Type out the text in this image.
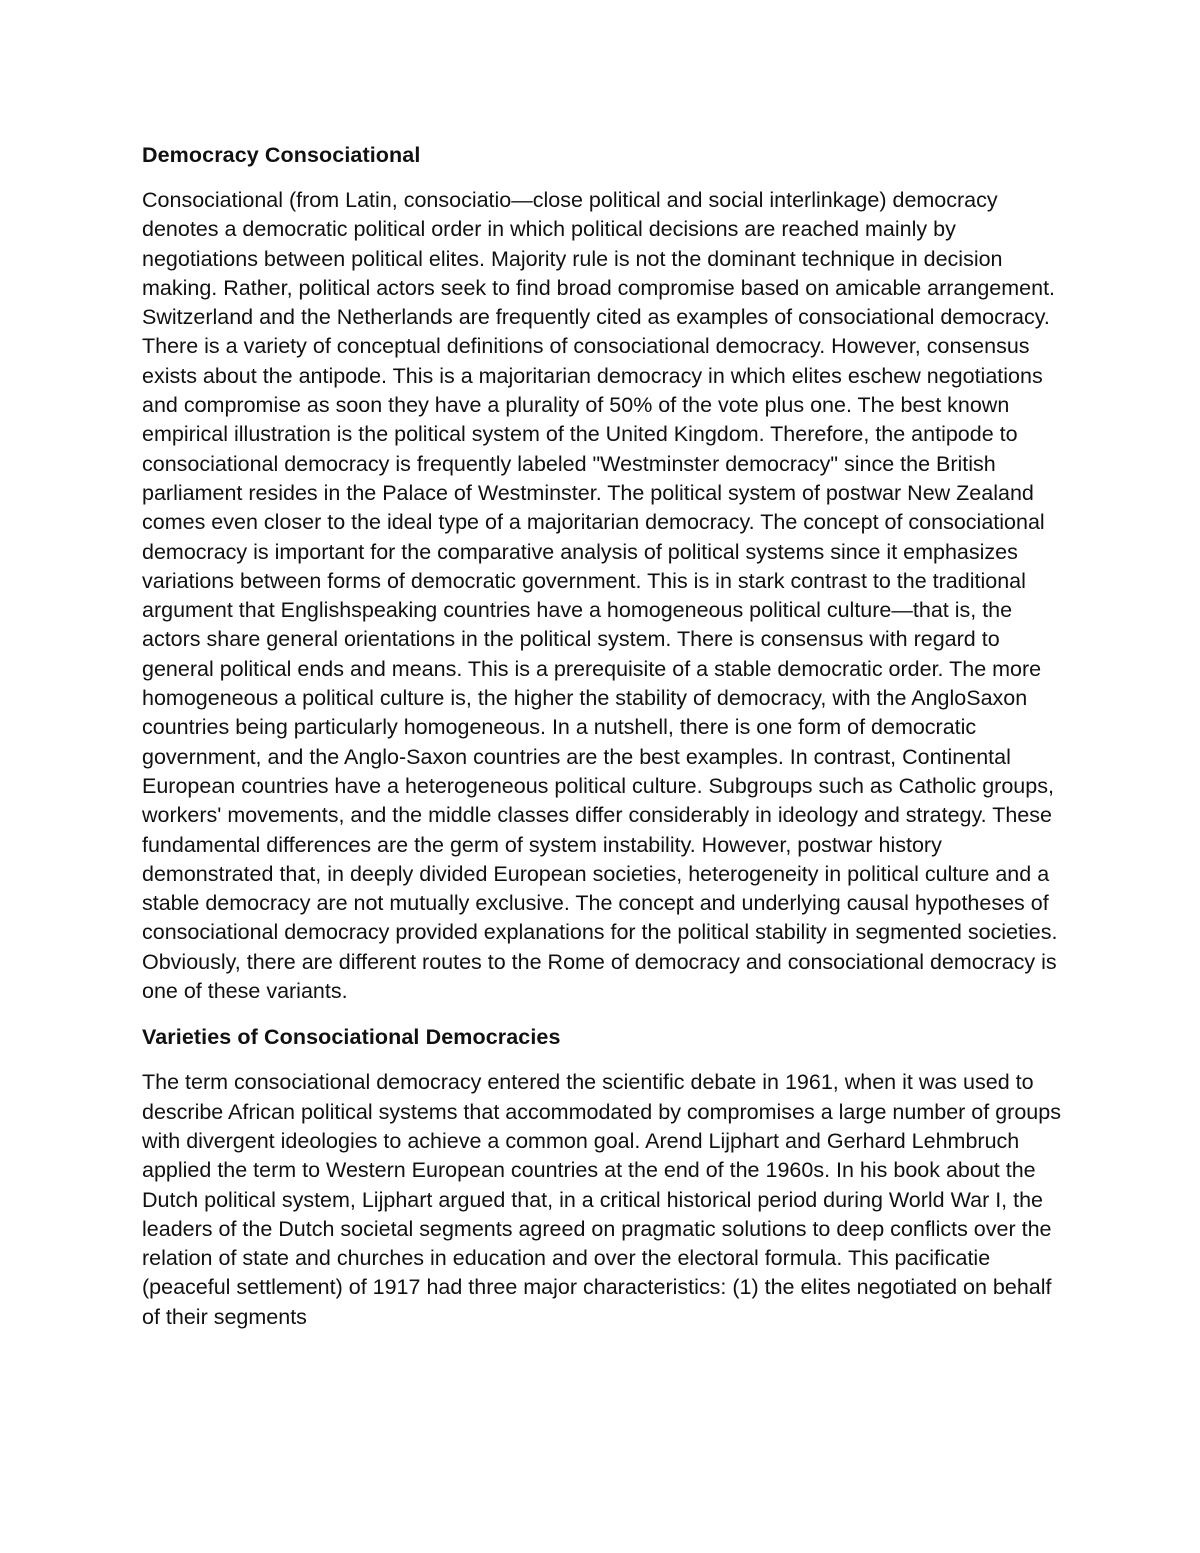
Democracy Consociational

Consociational (from Latin, consociatio—close political and social interlinkage) democracy denotes a democratic political order in which political decisions are reached mainly by negotiations between political elites. Majority rule is not the dominant technique in decision making. Rather, political actors seek to find broad compromise based on amicable arrangement. Switzerland and the Netherlands are frequently cited as examples of consociational democracy. There is a variety of conceptual definitions of consociational democracy. However, consensus exists about the antipode. This is a majoritarian democracy in which elites eschew negotiations and compromise as soon they have a plurality of 50% of the vote plus one. The best known empirical illustration is the political system of the United Kingdom. Therefore, the antipode to consociational democracy is frequently labeled "Westminster democracy" since the British parliament resides in the Palace of Westminster. The political system of postwar New Zealand comes even closer to the ideal type of a majoritarian democracy. The concept of consociational democracy is important for the comparative analysis of political systems since it emphasizes variations between forms of democratic government. This is in stark contrast to the traditional argument that Englishspeaking countries have a homogeneous political culture—that is, the actors share general orientations in the political system. There is consensus with regard to general political ends and means. This is a prerequisite of a stable democratic order. The more homogeneous a political culture is, the higher the stability of democracy, with the AngloSaxon countries being particularly homogeneous. In a nutshell, there is one form of democratic government, and the Anglo-Saxon countries are the best examples. In contrast, Continental European countries have a heterogeneous political culture. Subgroups such as Catholic groups, workers' movements, and the middle classes differ considerably in ideology and strategy. These fundamental differences are the germ of system instability. However, postwar history demonstrated that, in deeply divided European societies, heterogeneity in political culture and a stable democracy are not mutually exclusive. The concept and underlying causal hypotheses of consociational democracy provided explanations for the political stability in segmented societies. Obviously, there are different routes to the Rome of democracy and consociational democracy is one of these variants.

Varieties of Consociational Democracies

The term consociational democracy entered the scientific debate in 1961, when it was used to describe African political systems that accommodated by compromises a large number of groups with divergent ideologies to achieve a common goal. Arend Lijphart and Gerhard Lehmbruch applied the term to Western European countries at the end of the 1960s. In his book about the Dutch political system, Lijphart argued that, in a critical historical period during World War I, the leaders of the Dutch societal segments agreed on pragmatic solutions to deep conflicts over the relation of state and churches in education and over the electoral formula. This pacificatie (peaceful settlement) of 1917 had three major characteristics: (1) the elites negotiated on behalf of their segments
